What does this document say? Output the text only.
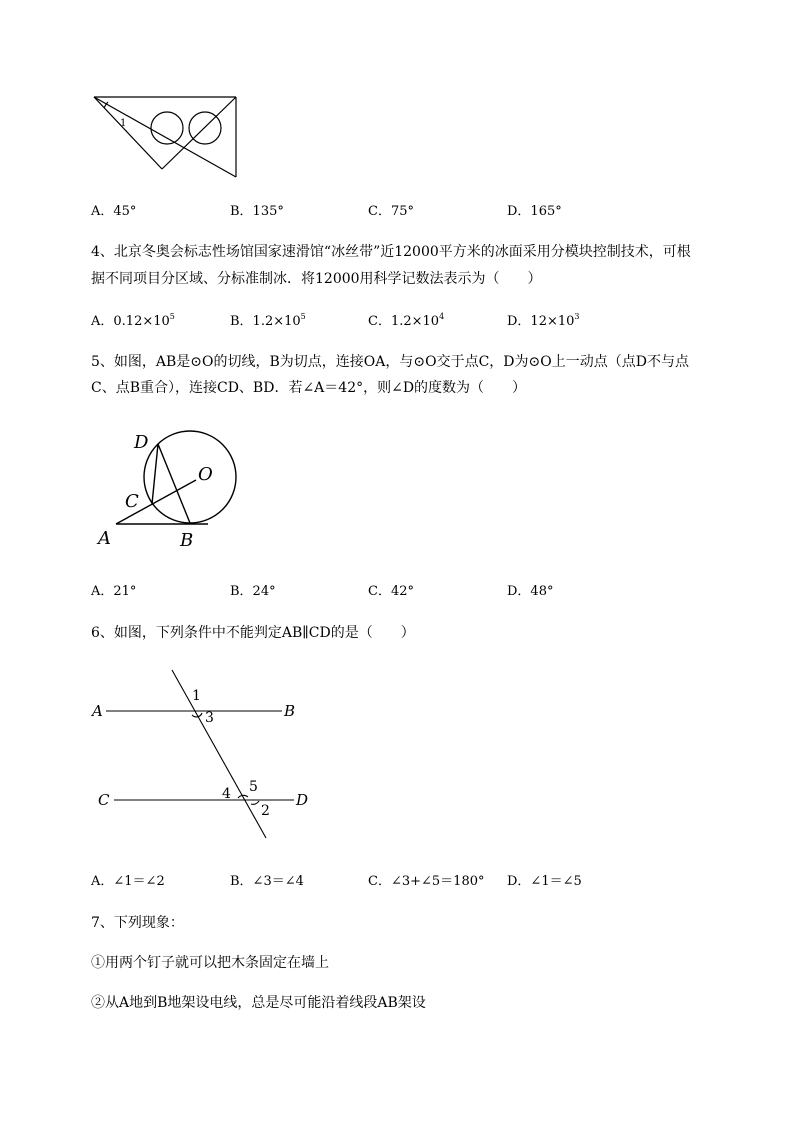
1
A．45°	B．135°	C．75°	D．165°
4、北京冬奥会标志性场馆国家速滑馆“冰丝带”近12000平方米的冰面采用分模块控制技术，可根
据不同项目分区域、分标准制冰．将12000用科学记数法表示为（　　）
A．$0.12\times 10^5$	B．$1.2\times 10^5$	C．$1.2\times 10^4$	D．$12\times 10^3$
5、如图，AB是⊙O的切线，B为切点，连接OA，与⊙O交于点C，D为⊙O上一动点（点D不与点
C、点B重合），连接CD、BD．若∠A＝42°，则∠D的度数为（　　）
D
O
C
A	B
A．21°	B．24°	C．42°	D．48°
6、如图，下列条件中不能判定AB∥CD的是（　　）
A	B
C	D
1
3
4 5
2
A．∠1＝∠2	B．∠3＝∠4	C．∠3+∠5＝180° D．∠1＝∠5
7、下列现象：
①用两个钉子就可以把木条固定在墙上
②从A地到B地架设电线，总是尽可能沿着线段AB架设
